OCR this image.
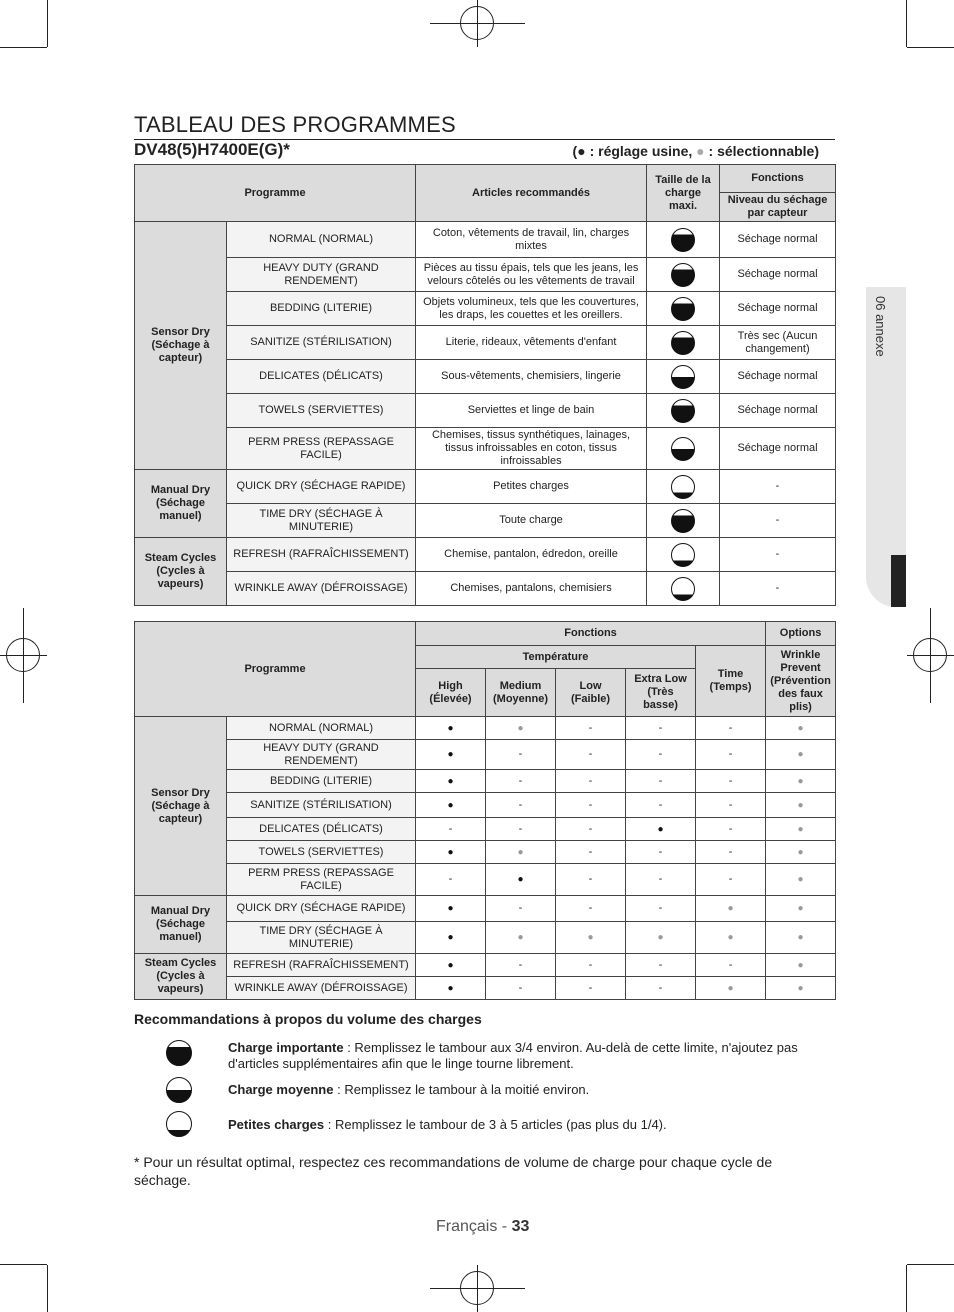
06 annexe
TABLEAU DES PROGRAMMES
DV48(5)H7400E(G)*	(● : réglage usine, ● : sélectionnable)
Programme		Articles recommandés	Taille de la charge maxi.	Fonctions
				Niveau du séchage par capteur
Sensor Dry (Séchage à capteur)	NORMAL (NORMAL)	Coton, vêtements de travail, lin, charges mixtes		Séchage normal
	HEAVY DUTY (GRAND RENDEMENT)	Pièces au tissu épais, tels que les jeans, les velours côtelés ou les vêtements de travail		Séchage normal
	BEDDING (LITERIE)	Objets volumineux, tels que les couvertures, les draps, les couettes et les oreillers.		Séchage normal
	SANITIZE (STÉRILISATION)	Literie, rideaux, vêtements d'enfant		Très sec (Aucun changement)
	DELICATES (DÉLICATS)	Sous-vêtements, chemisiers, lingerie		Séchage normal
	TOWELS (SERVIETTES)	Serviettes et linge de bain		Séchage normal
	PERM PRESS (REPASSAGE FACILE)	Chemises, tissus synthétiques, lainages, tissus infroissables en coton, tissus infroissables		Séchage normal
Manual Dry (Séchage manuel)	QUICK DRY (SÉCHAGE RAPIDE)	Petites charges		-
	TIME DRY (SÉCHAGE À MINUTERIE)	Toute charge		-
Steam Cycles (Cycles à vapeurs)	REFRESH (RAFRAÎCHISSEMENT)	Chemise, pantalon, édredon, oreille		-
	WRINKLE AWAY (DÉFROISSAGE)	Chemises, pantalons, chemisiers		-
Programme		Fonctions					Options
		Température				Time (Temps)	Wrinkle Prevent (Prévention des faux plis)
		High (Élevée)	Medium (Moyenne)	Low (Faible)	Extra Low (Très basse)		
Sensor Dry (Séchage à capteur)	NORMAL (NORMAL)	●	●	-	-	-	●
	HEAVY DUTY (GRAND RENDEMENT)	●	-	-	-	-	●
	BEDDING (LITERIE)	●	-	-	-	-	●
	SANITIZE (STÉRILISATION)	●	-	-	-	-	●
	DELICATES (DÉLICATS)	-	-	-	●	-	●
	TOWELS (SERVIETTES)	●	●	-	-	-	●
	PERM PRESS (REPASSAGE FACILE)	-	●	-	-	-	●
Manual Dry (Séchage manuel)	QUICK DRY (SÉCHAGE RAPIDE)	●	-	-	-	●	●
	TIME DRY (SÉCHAGE À MINUTERIE)	●	●	●	●	●	●
Steam Cycles (Cycles à vapeurs)	REFRESH (RAFRAÎCHISSEMENT)	●	-	-	-	-	●
	WRINKLE AWAY (DÉFROISSAGE)	●	-	-	-	●	●
Recommandations à propos du volume des charges
Charge importante : Remplissez le tambour aux 3/4 environ. Au-delà de cette limite, n'ajoutez pas d'articles supplémentaires afin que le linge tourne librement.
Charge moyenne : Remplissez le tambour à la moitié environ.
Petites charges : Remplissez le tambour de 3 à 5 articles (pas plus du 1/4).
* Pour un résultat optimal, respectez ces recommandations de volume de charge pour chaque cycle de séchage.
Français - 33
